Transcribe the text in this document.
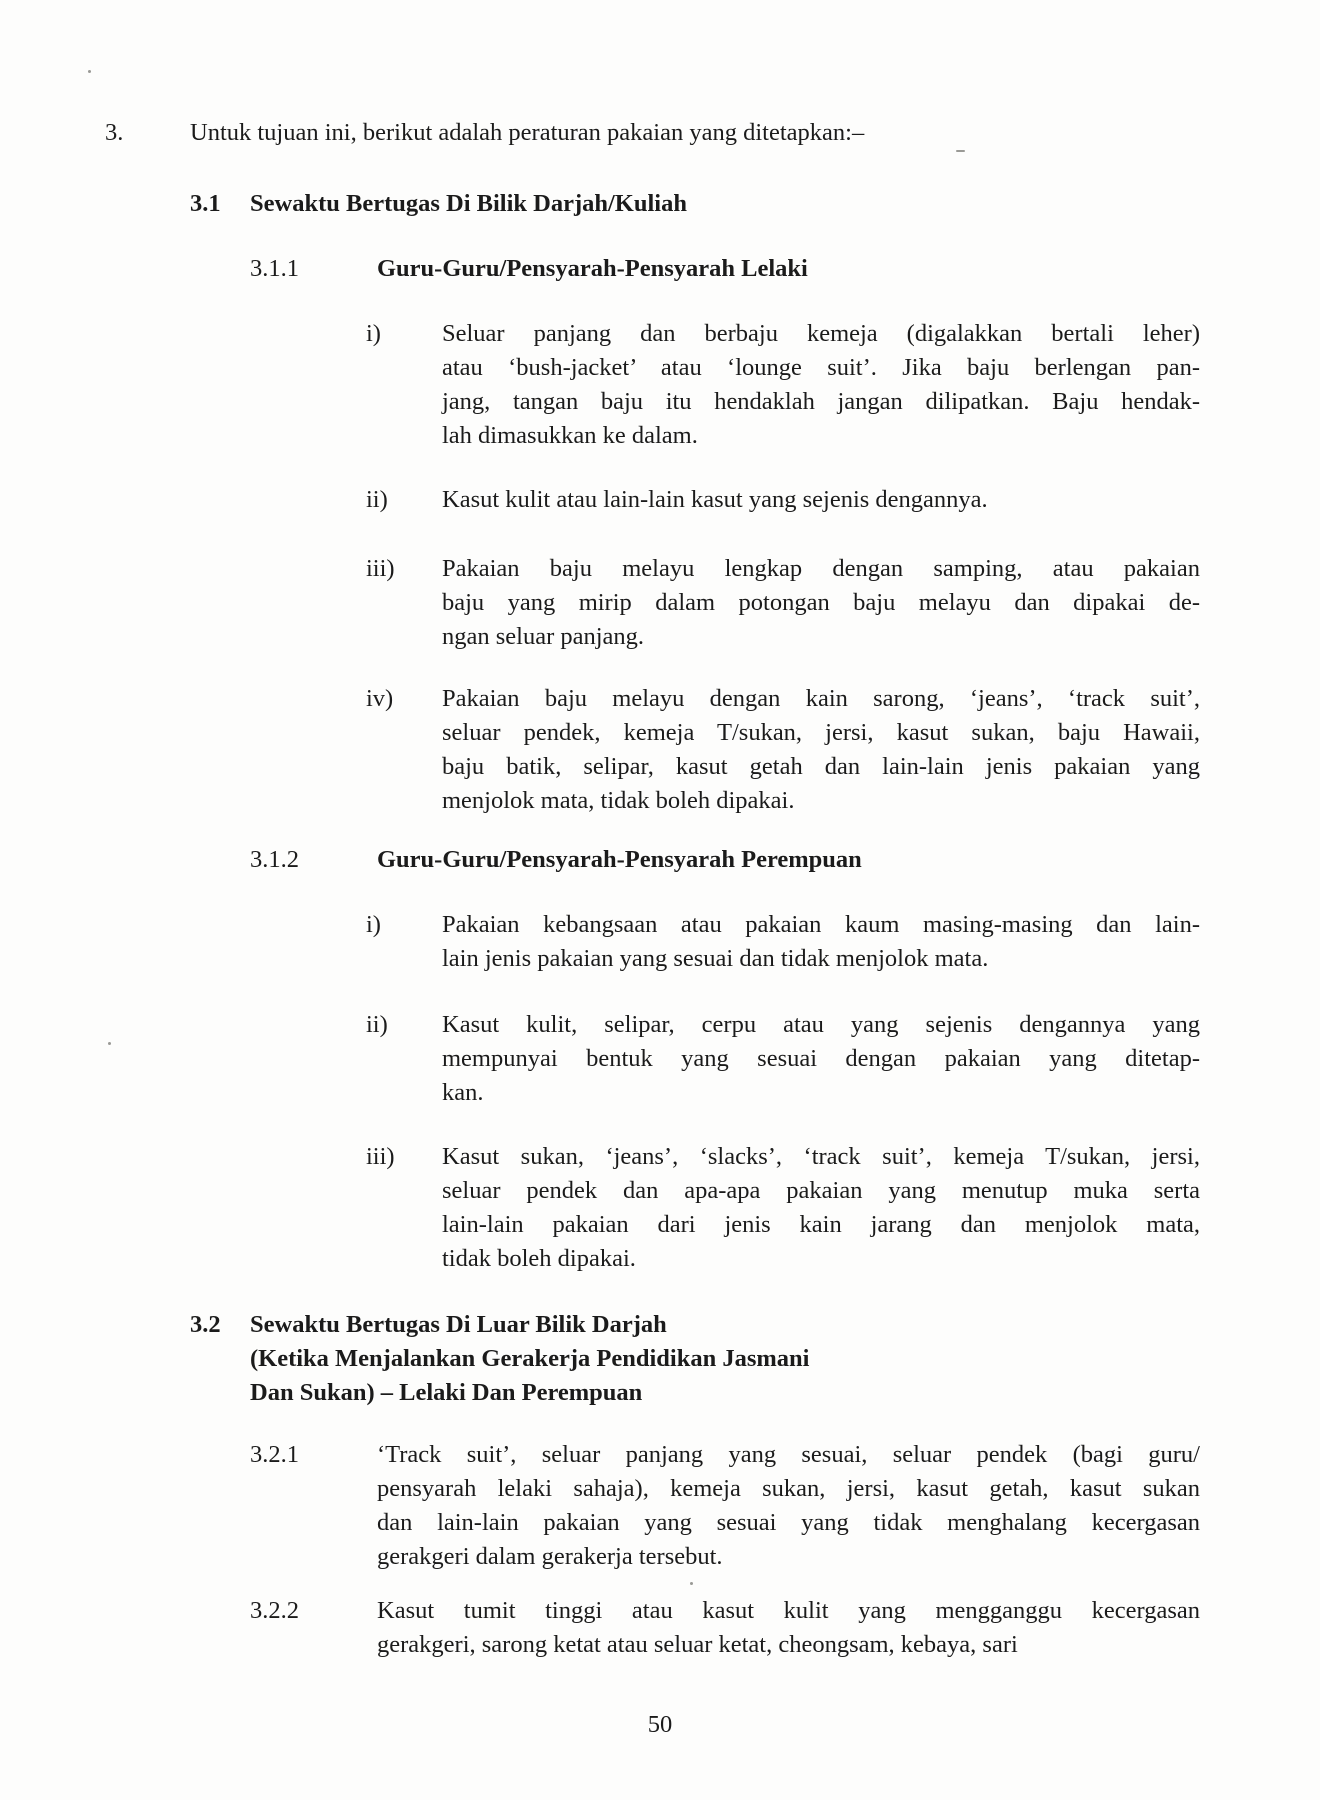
3.	Untuk tujuan ini, berikut adalah peraturan pakaian yang ditetapkan:–
3.1	Sewaktu Bertugas Di Bilik Darjah/Kuliah
3.1.1	Guru-Guru/Pensyarah-Pensyarah Lelaki
i)	Seluar panjang dan berbaju kemeja (digalakkan bertali leher)
atau ‘bush-jacket’ atau ‘lounge suit’. Jika baju berlengan pan-
jang, tangan baju itu hendaklah jangan dilipatkan. Baju hendak-
lah dimasukkan ke dalam.
ii)	Kasut kulit atau lain-lain kasut yang sejenis dengannya.
iii)	Pakaian baju melayu lengkap dengan samping, atau pakaian
baju yang mirip dalam potongan baju melayu dan dipakai de-
ngan seluar panjang.
iv)	Pakaian baju melayu dengan kain sarong, ‘jeans’, ‘track suit’,
seluar pendek, kemeja T/sukan, jersi, kasut sukan, baju Hawaii,
baju batik, selipar, kasut getah dan lain-lain jenis pakaian yang
menjolok mata, tidak boleh dipakai.
3.1.2	Guru-Guru/Pensyarah-Pensyarah Perempuan
i)	Pakaian kebangsaan atau pakaian kaum masing-masing dan lain-
lain jenis pakaian yang sesuai dan tidak menjolok mata.
ii)	Kasut kulit, selipar, cerpu atau yang sejenis dengannya yang
mempunyai bentuk yang sesuai dengan pakaian yang ditetap-
kan.
iii)	Kasut sukan, ‘jeans’, ‘slacks’, ‘track suit’, kemeja T/sukan, jersi,
seluar pendek dan apa-apa pakaian yang menutup muka serta
lain-lain pakaian dari jenis kain jarang dan menjolok mata,
tidak boleh dipakai.
3.2	Sewaktu Bertugas Di Luar Bilik Darjah
(Ketika Menjalankan Gerakerja Pendidikan Jasmani
Dan Sukan) – Lelaki Dan Perempuan
3.2.1	‘Track suit’, seluar panjang yang sesuai, seluar pendek (bagi guru/
pensyarah lelaki sahaja), kemeja sukan, jersi, kasut getah, kasut sukan
dan lain-lain pakaian yang sesuai yang tidak menghalang kecergasan
gerakgeri dalam gerakerja tersebut.
3.2.2	Kasut tumit tinggi atau kasut kulit yang mengganggu kecergasan
gerakgeri, sarong ketat atau seluar ketat, cheongsam, kebaya, sari
50
